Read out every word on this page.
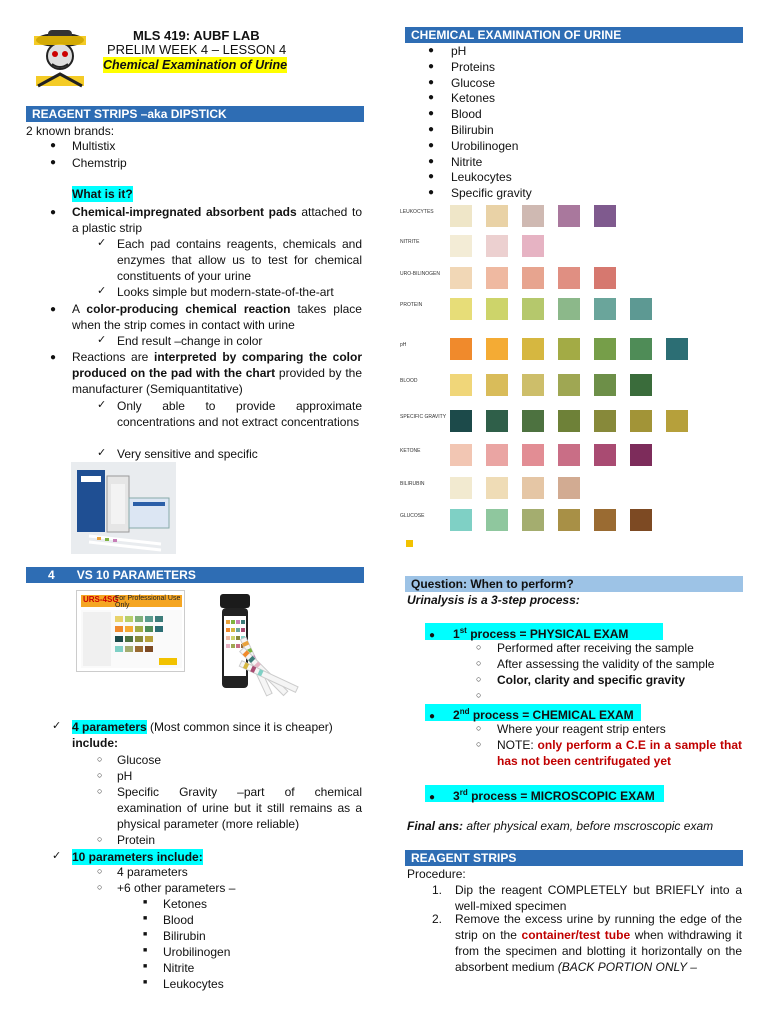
MLS 419: AUBF LAB
PRELIM WEEK 4 – LESSON 4
Chemical Examination of Urine
REAGENT STRIPS –aka DIPSTICK
2 known brands:
● Multistix
● Chemstrip
What is it?
● Chemical-impregnated absorbent pads attached to a plastic strip
✓ Each pad contains reagents, chemicals and enzymes that allow us to test for chemical constituents of your urine
✓ Looks simple but modern-state-of-the-art
● A color-producing chemical reaction takes place when the strip comes in contact with urine
✓ End result –change in color
● Reactions are interpreted by comparing the color produced on the pad with the chart provided by the manufacturer (Semiquantitative)
✓ Only able to provide approximate concentrations and not extract concentrations
✓ Very sensitive and specific
4 VS 10 PARAMETERS
URS-4SG
For Professional Use Only
✓ 4 parameters (Most common since it is cheaper)
include:
○ Glucose
○ pH
○ Specific Gravity –part of chemical examination of urine but it still remains as a physical parameter (more reliable)
○ Protein
✓ 10 parameters include:
○ 4 parameters
○ +6 other parameters –
■ Ketones
■ Blood
■ Bilirubin
■ Urobilinogen
■ Nitrite
■ Leukocytes
CHEMICAL EXAMINATION OF URINE
● pH
● Proteins
● Glucose
● Ketones
● Blood
● Bilirubin
● Urobilinogen
● Nitrite
● Leukocytes
● Specific gravity
LEUKOCYTES
NITRITE
URO-BILINOGEN
PROTEIN
pH
BLOOD
SPECIFIC GRAVITY
KETONE
BILIRUBIN
GLUCOSE
Question: When to perform?
Urinalysis is a 3-step process:
● 1st process = PHYSICAL EXAM
○ Performed after receiving the sample
○ After assessing the validity of the sample
○ Color, clarity and specific gravity
○
● 2nd process = CHEMICAL EXAM
○ Where your reagent strip enters
○ NOTE: only perform a C.E in a sample that has not been centrifugated yet
● 3rd process = MICROSCOPIC EXAM
Final ans: after physical exam, before mscroscopic exam
REAGENT STRIPS
Procedure:
1. Dip the reagent COMPLETELY but BRIEFLY into a well-mixed specimen
2. Remove the excess urine by running the edge of the strip on the container/test tube when withdrawing it from the specimen and blotting it horizontally on the absorbent medium (BACK PORTION ONLY –
